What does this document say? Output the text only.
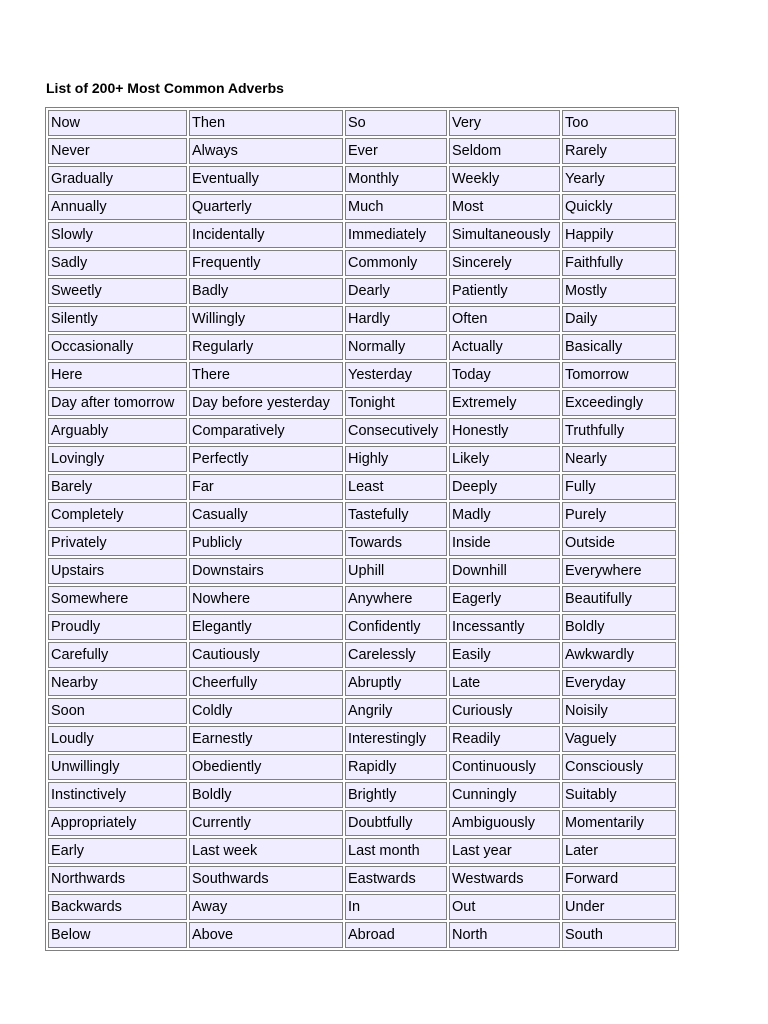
List of 200+ Most Common Adverbs
Now	Then	So	Very	Too
Never	Always	Ever	Seldom	Rarely
Gradually	Eventually	Monthly	Weekly	Yearly
Annually	Quarterly	Much	Most	Quickly
Slowly	Incidentally	Immediately	Simultaneously	Happily
Sadly	Frequently	Commonly	Sincerely	Faithfully
Sweetly	Badly	Dearly	Patiently	Mostly
Silently	Willingly	Hardly	Often	Daily
Occasionally	Regularly	Normally	Actually	Basically
Here	There	Yesterday	Today	Tomorrow
Day after tomorrow	Day before yesterday	Tonight	Extremely	Exceedingly
Arguably	Comparatively	Consecutively	Honestly	Truthfully
Lovingly	Perfectly	Highly	Likely	Nearly
Barely	Far	Least	Deeply	Fully
Completely	Casually	Tastefully	Madly	Purely
Privately	Publicly	Towards	Inside	Outside
Upstairs	Downstairs	Uphill	Downhill	Everywhere
Somewhere	Nowhere	Anywhere	Eagerly	Beautifully
Proudly	Elegantly	Confidently	Incessantly	Boldly
Carefully	Cautiously	Carelessly	Easily	Awkwardly
Nearby	Cheerfully	Abruptly	Late	Everyday
Soon	Coldly	Angrily	Curiously	Noisily
Loudly	Earnestly	Interestingly	Readily	Vaguely
Unwillingly	Obediently	Rapidly	Continuously	Consciously
Instinctively	Boldly	Brightly	Cunningly	Suitably
Appropriately	Currently	Doubtfully	Ambiguously	Momentarily
Early	Last week	Last month	Last year	Later
Northwards	Southwards	Eastwards	Westwards	Forward
Backwards	Away	In	Out	Under
Below	Above	Abroad	North	South
